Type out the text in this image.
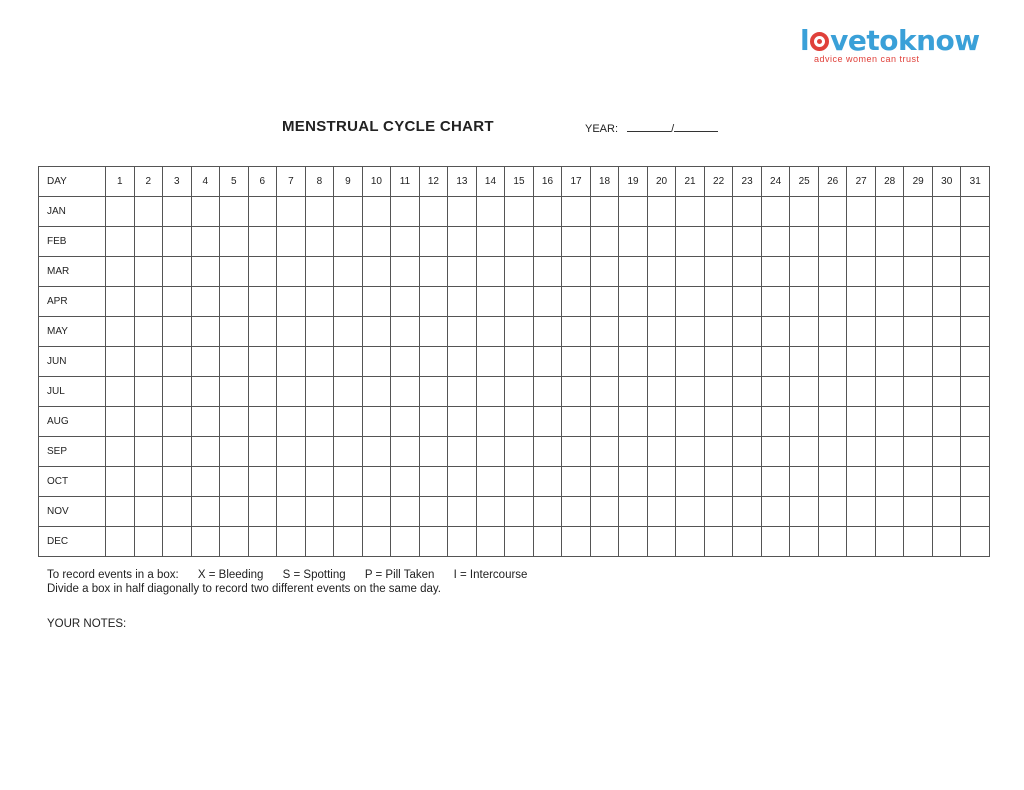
l vetoknow
advice women can trust
MENSTRUAL CYCLE CHART	YEAR:	/
DAY	1	2	3	4	5	6	7	8	9	10	11	12	13	14	15	16	17	18	19	20	21	22	23	24	25	26	27	28	29	30	31
JAN																															
FEB																															
MAR																															
APR																															
MAY																															
JUN																															
JUL																															
AUG																															
SEP																															
OCT																															
NOV																															
DEC																															
To record events in a box: X = Bleeding S = Spotting P = Pill Taken I = Intercourse
Divide a box in half diagonally to record two different events on the same day.
YOUR NOTES:
